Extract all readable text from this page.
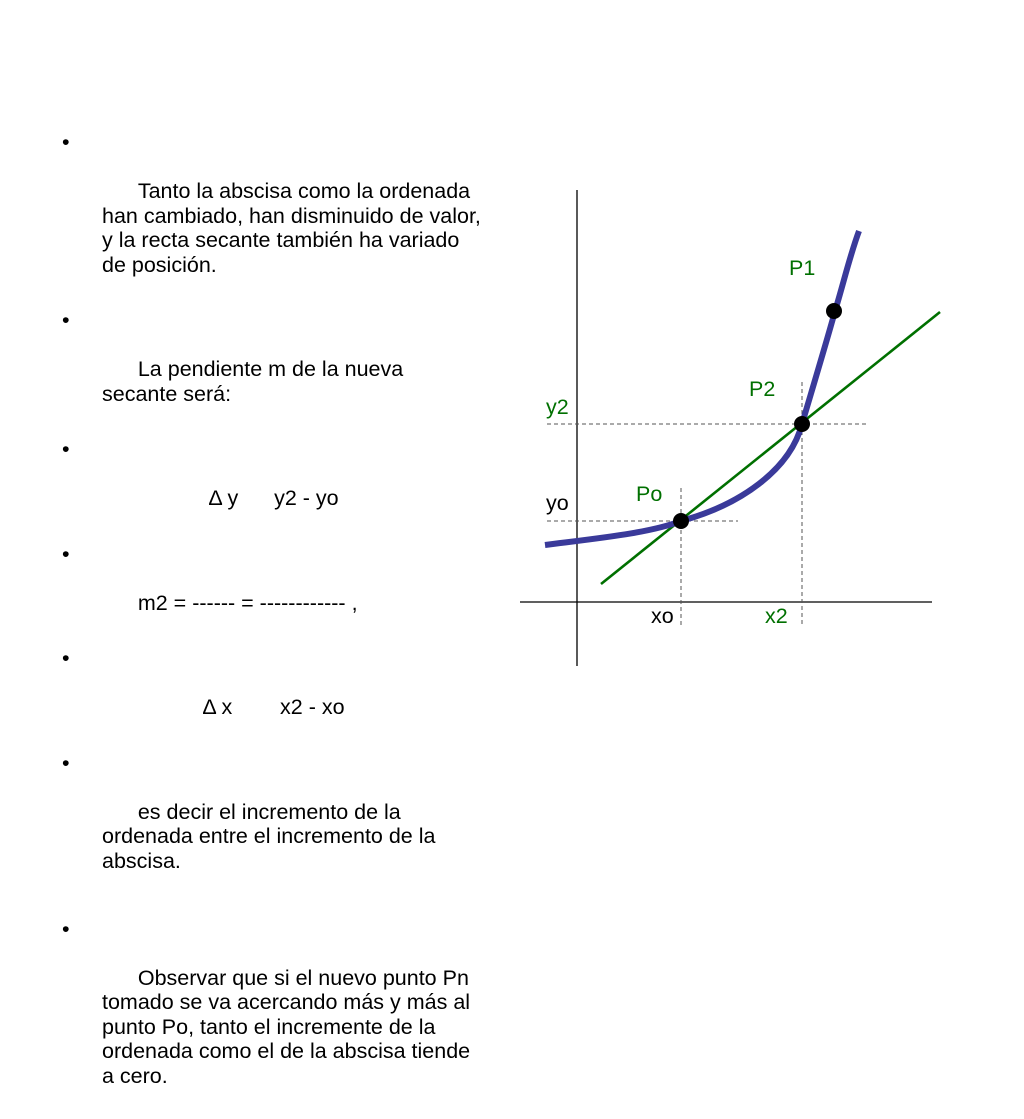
•

Tanto la abscisa como la ordenada han cambiado, han disminuido de valor, y la recta secante también ha variado de posición.

•

La pendiente m de la nueva secante será:

•

Δ y      y2 - yo

•

m2 = ------ = ------------ ,

•

Δ x        x2 - xo

•

es decir el incremento de la ordenada entre el incremento de la abscisa.

•

Observar que si el nuevo punto Pn tomado se va acercando más y más al punto Po, tanto el incremente de la ordenada como el de la abscisa tiende a cero.

P1
P2
Po
y2
yo
xo	x2
